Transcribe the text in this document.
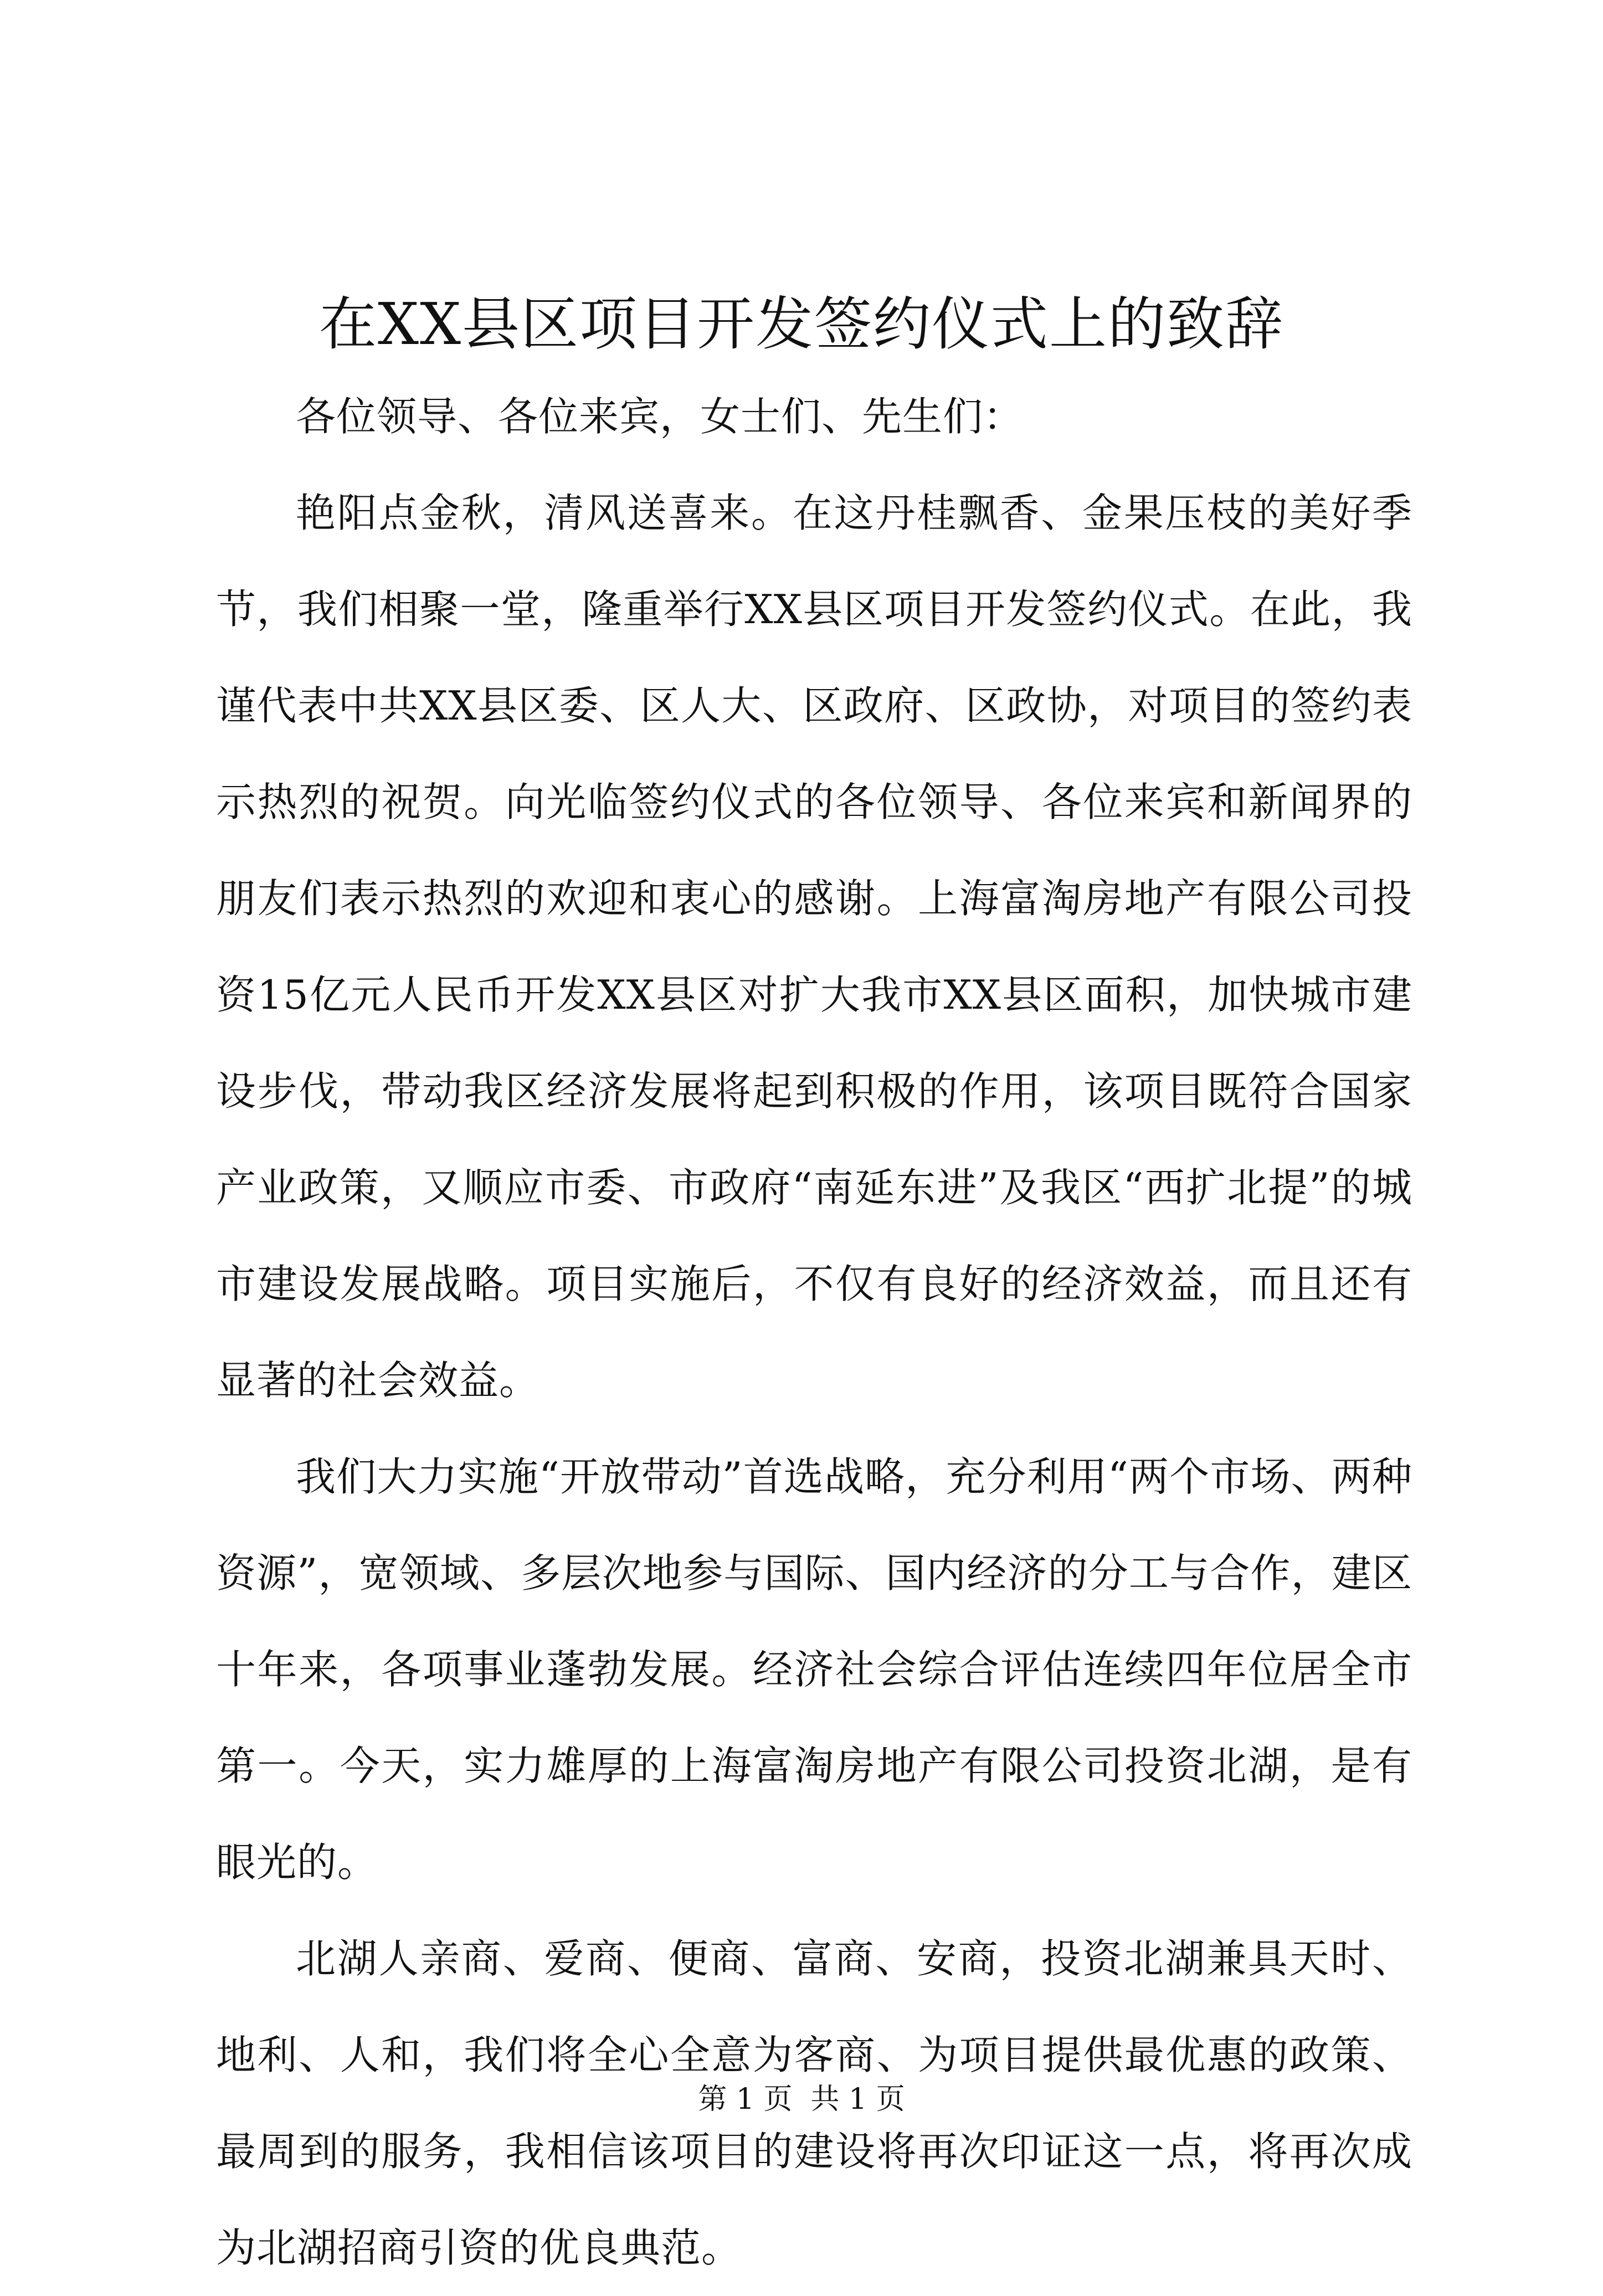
在XX县区项目开发签约仪式上的致辞

各位领导、各位来宾，女士们、先生们：

艳阳点金秋，清风送喜来。在这丹桂飘香、金果压枝的美好季节，我们相聚一堂，隆重举行XX县区项目开发签约仪式。在此，我谨代表中共XX县区委、区人大、区政府、区政协，对项目的签约表示热烈的祝贺。向光临签约仪式的各位领导、各位来宾和新闻界的朋友们表示热烈的欢迎和衷心的感谢。上海富淘房地产有限公司投资15亿元人民币开发XX县区对扩大我市XX县区面积，加快城市建设步伐，带动我区经济发展将起到积极的作用，该项目既符合国家产业政策，又顺应市委、市政府“南延东进”及我区“西扩北提”的城市建设发展战略。项目实施后，不仅有良好的经济效益，而且还有显著的社会效益。

我们大力实施“开放带动”首选战略，充分利用“两个市场、两种资源”，宽领域、多层次地参与国际、国内经济的分工与合作，建区十年来，各项事业蓬勃发展。经济社会综合评估连续四年位居全市第一。今天，实力雄厚的上海富淘房地产有限公司投资北湖，是有眼光的。

北湖人亲商、爱商、便商、富商、安商，投资北湖兼具天时、地利、人和，我们将全心全意为客商、为项目提供最优惠的政策、最周到的服务，我相信该项目的建设将再次印证这一点，将再次成为北湖招商引资的优良典范。

第 1 页  共 1 页
